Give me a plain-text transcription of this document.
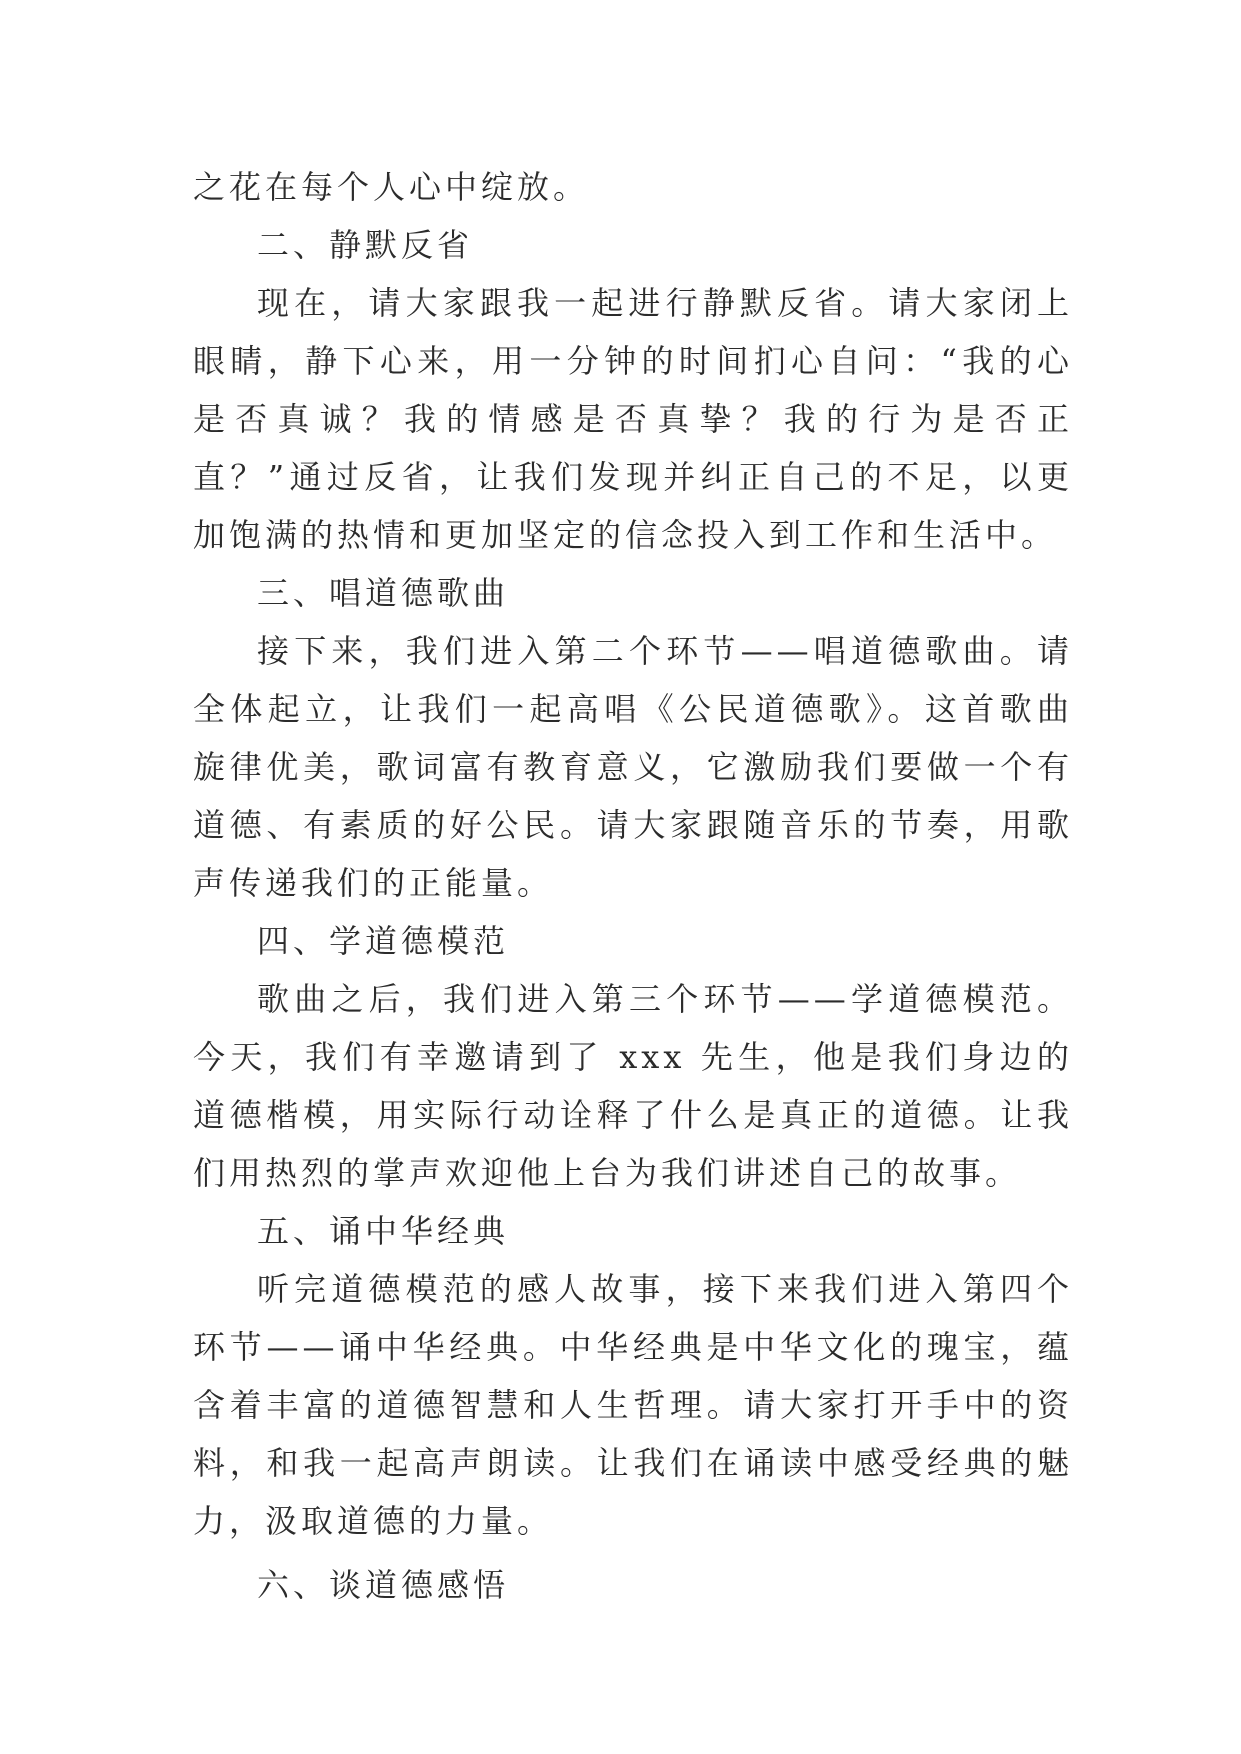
之花在每个人心中绽放。

二、静默反省

现在，请大家跟我一起进行静默反省。请大家闭上眼睛，静下心来，用一分钟的时间扪心自问：“我的心是否真诚？我的情感是否真挚？我的行为是否正直？”通过反省，让我们发现并纠正自己的不足，以更加饱满的热情和更加坚定的信念投入到工作和生活中。

三、唱道德歌曲

接下来，我们进入第二个环节——唱道德歌曲。请全体起立，让我们一起高唱《公民道德歌》。这首歌曲旋律优美，歌词富有教育意义，它激励我们要做一个有道德、有素质的好公民。请大家跟随音乐的节奏，用歌声传递我们的正能量。

四、学道德模范

歌曲之后，我们进入第三个环节——学道德模范。今天，我们有幸邀请到了 xxx 先生，他是我们身边的道德楷模，用实际行动诠释了什么是真正的道德。让我们用热烈的掌声欢迎他上台为我们讲述自己的故事。

五、诵中华经典

听完道德模范的感人故事，接下来我们进入第四个环节——诵中华经典。中华经典是中华文化的瑰宝，蕴含着丰富的道德智慧和人生哲理。请大家打开手中的资料，和我一起高声朗读。让我们在诵读中感受经典的魅力，汲取道德的力量。

六、谈道德感悟
